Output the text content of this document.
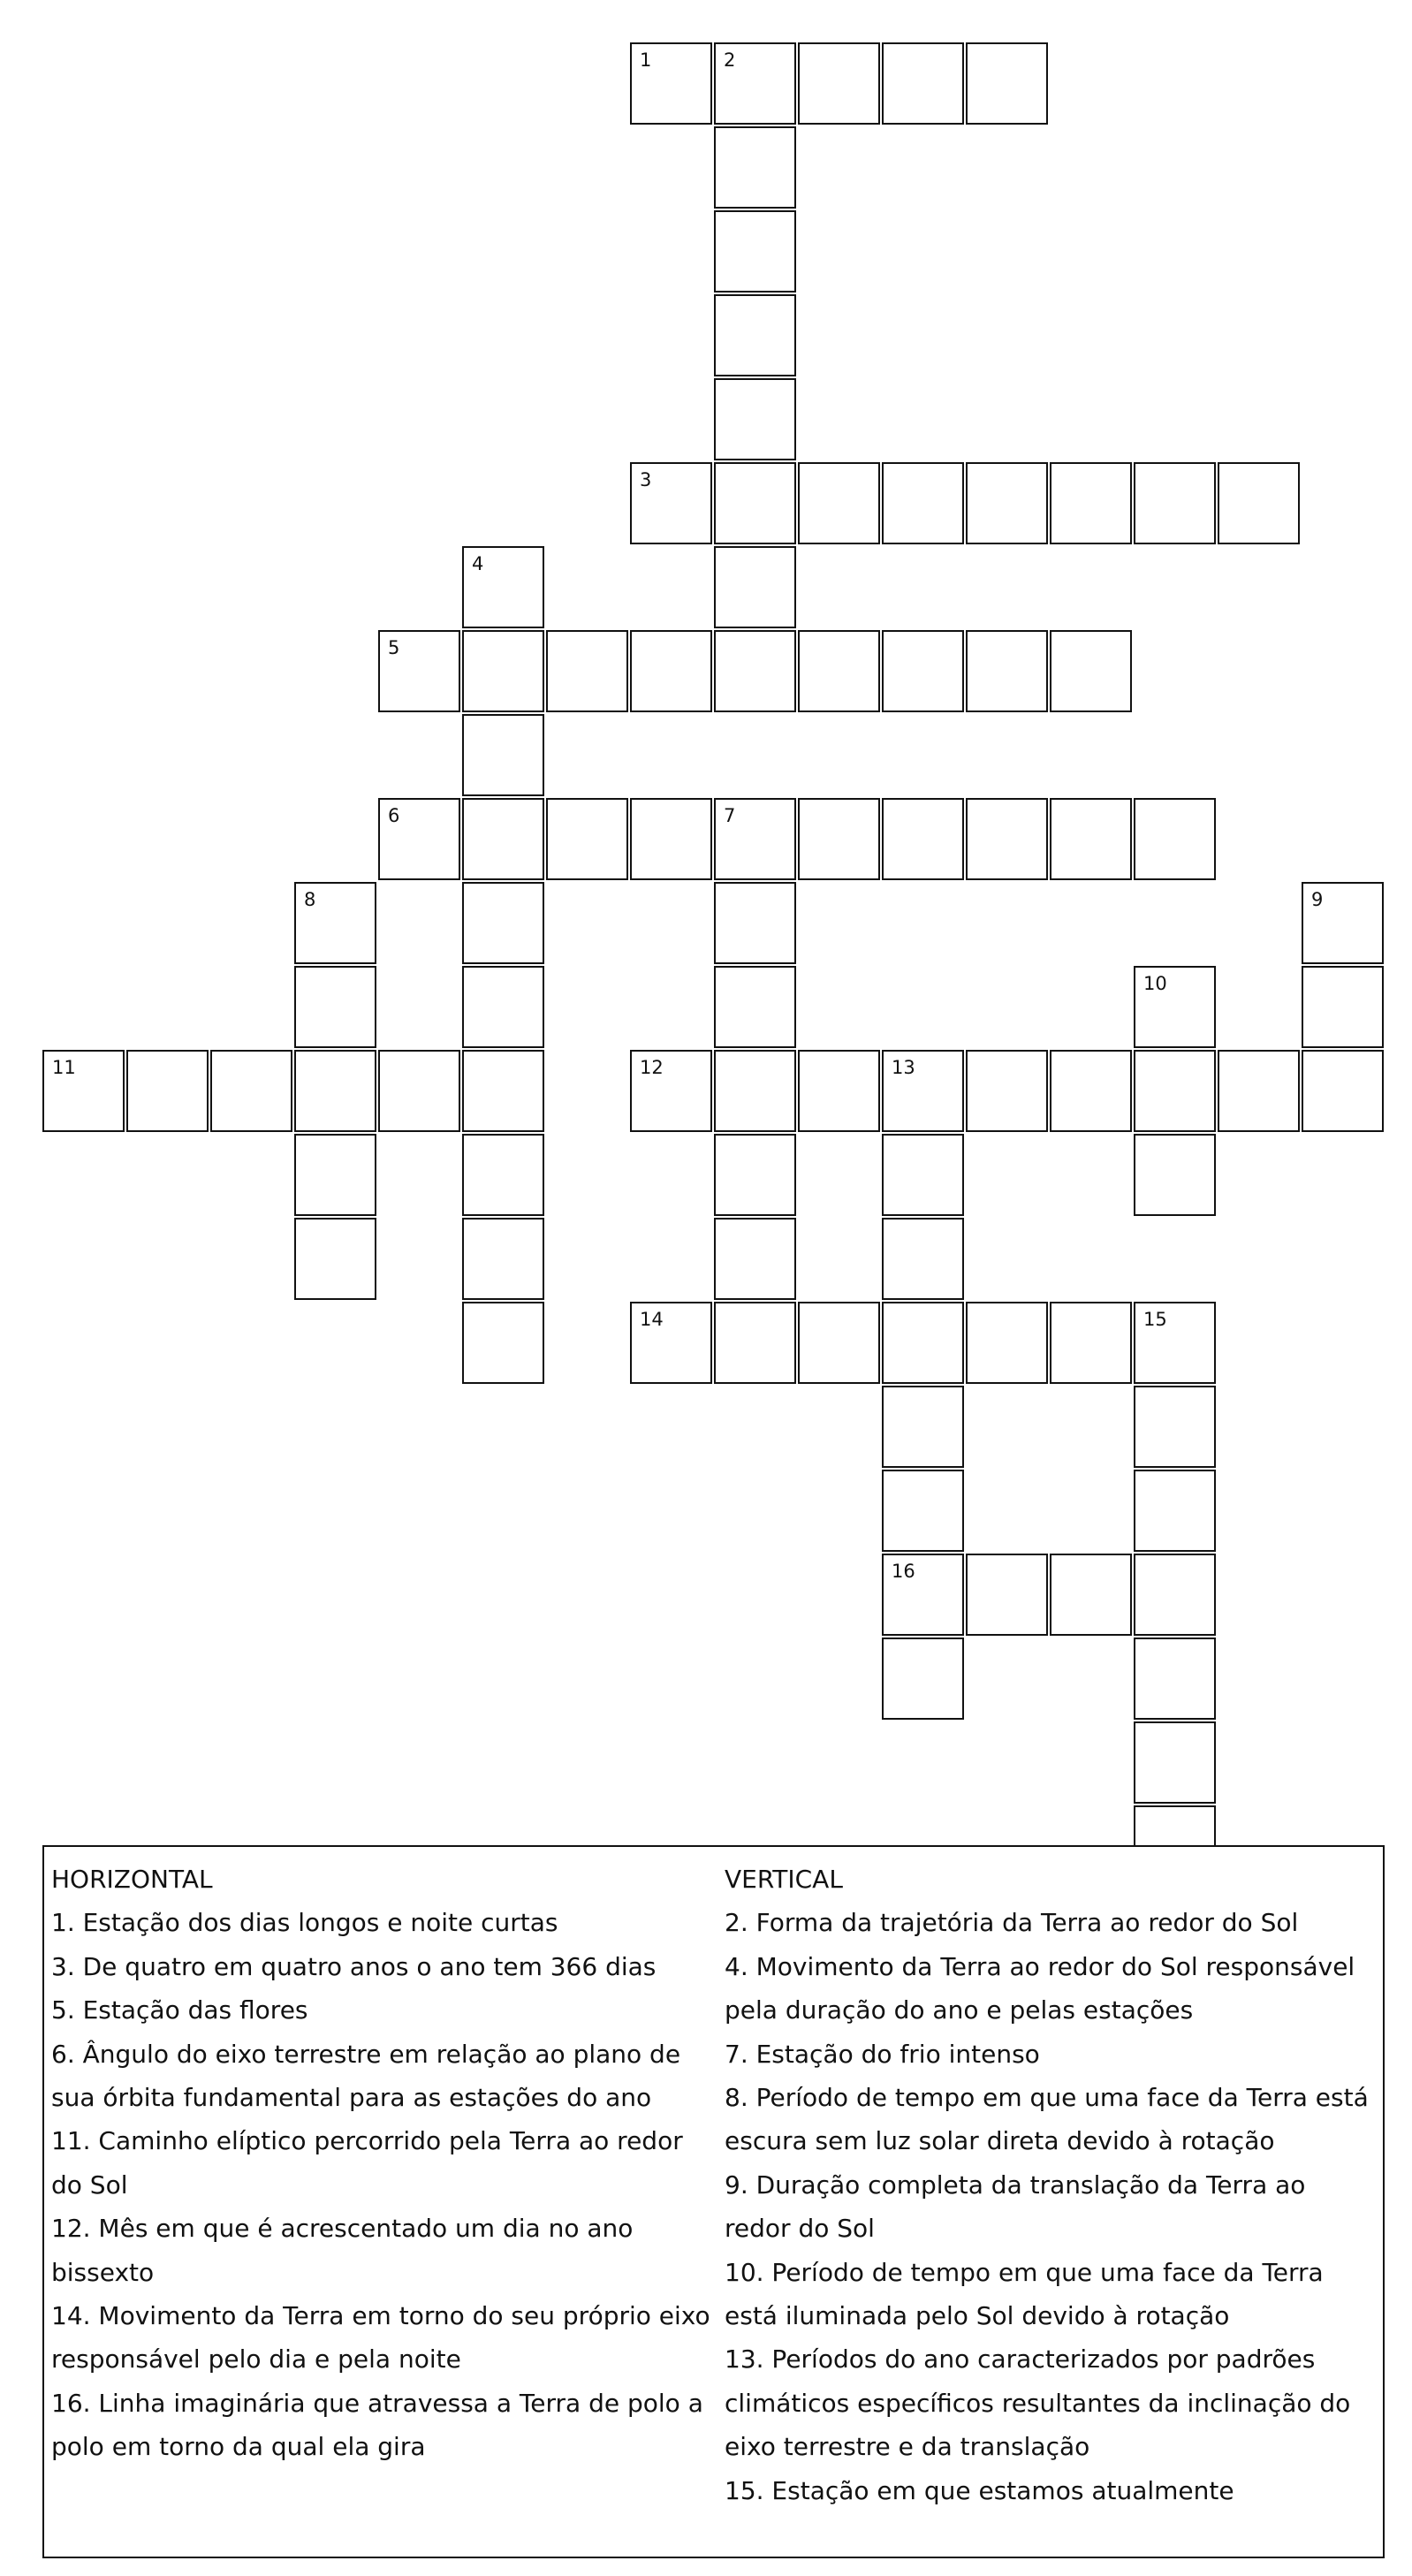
1	2
3
4
5
6	7
8	9
10
11	12	13
16
14	15
HORIZONTAL
1. Estação dos dias longos e noite curtas
3. De quatro em quatro anos o ano tem 366 dias
5. Estação das flores
6. Ângulo do eixo terrestre em relação ao plano de sua órbita fundamental para as estações do ano
11. Caminho elíptico percorrido pela Terra ao redor do Sol
12. Mês em que é acrescentado um dia no ano bissexto
14. Movimento da Terra em torno do seu próprio eixo responsável pelo dia e pela noite
16. Linha imaginária que atravessa a Terra de polo a polo em torno da qual ela gira
VERTICAL
2. Forma da trajetória da Terra ao redor do Sol
4. Movimento da Terra ao redor do Sol responsável pela duração do ano e pelas estações
7. Estação do frio intenso
8. Período de tempo em que uma face da Terra está escura sem luz solar direta devido à rotação
9. Duração completa da translação da Terra ao redor do Sol
10. Período de tempo em que uma face da Terra está iluminada pelo Sol devido à rotação
13. Períodos do ano caracterizados por padrões climáticos específicos resultantes da inclinação do eixo terrestre e da translação
15. Estação em que estamos atualmente
